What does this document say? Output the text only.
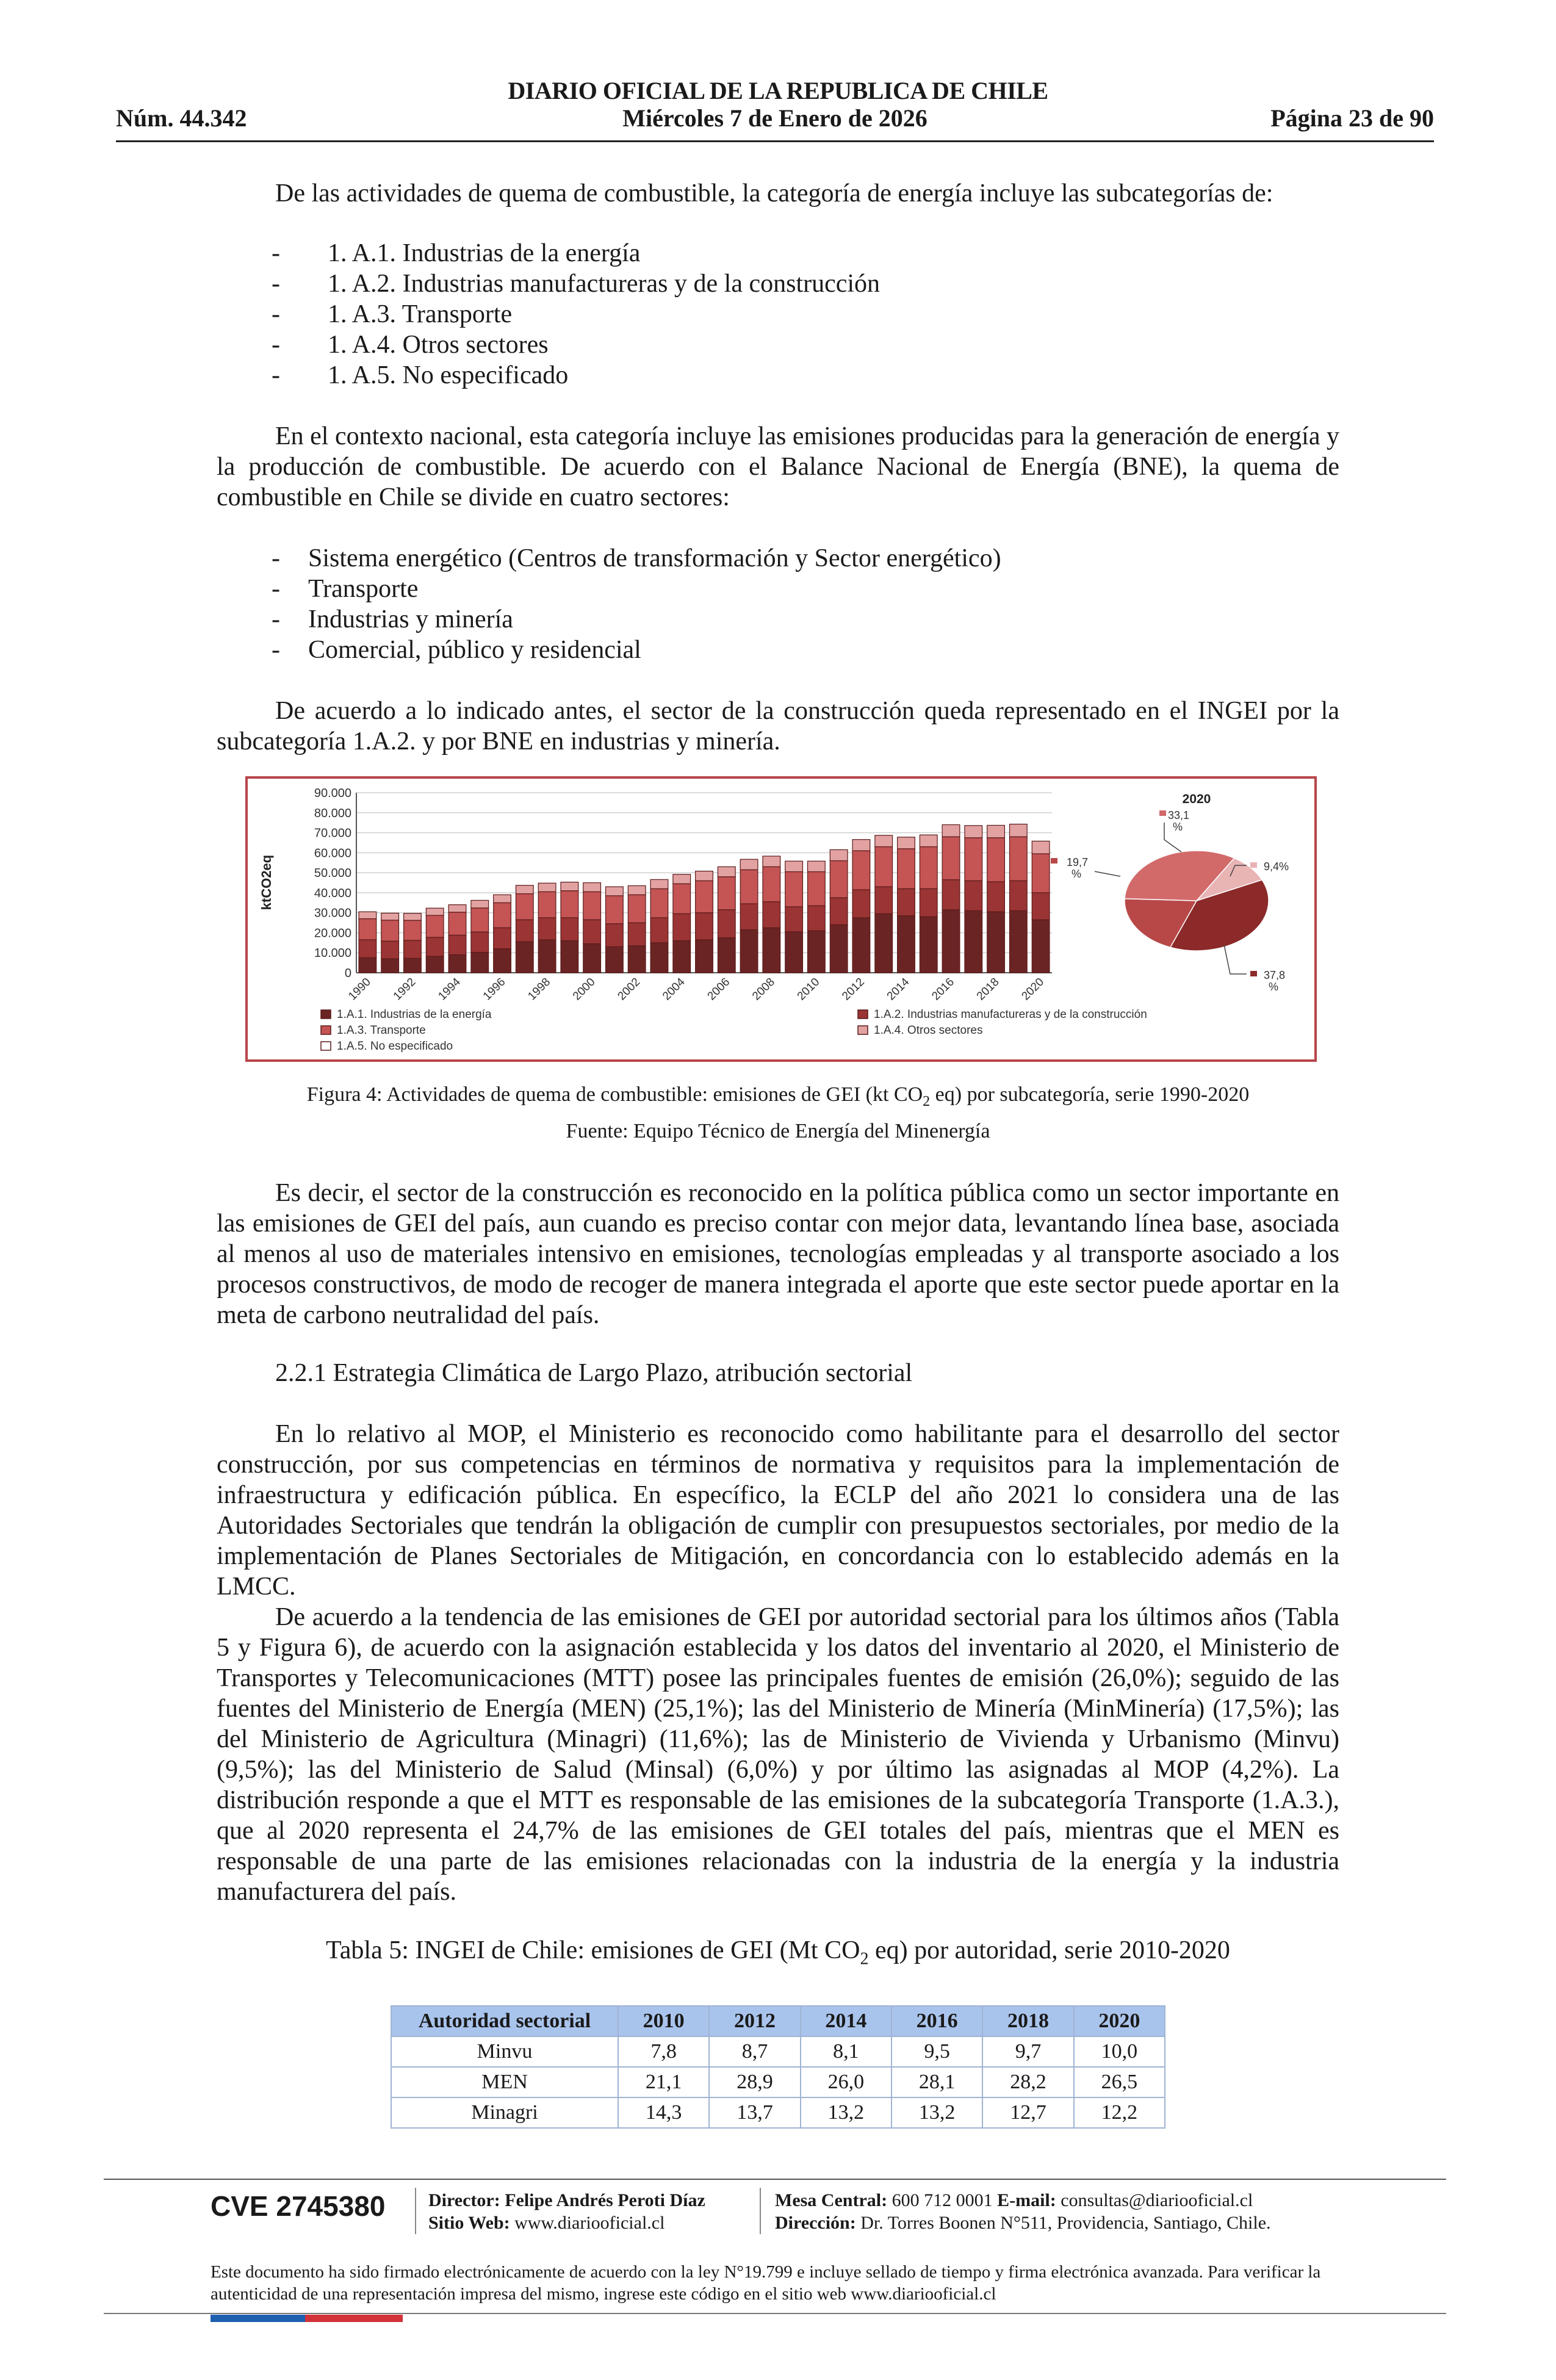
DIARIO OFICIAL DE LA REPUBLICA DE CHILE
Núm. 44.342	Miércoles 7 de Enero de 2026	Página 23 de 90
De las actividades de quema de combustible, la categoría de energía incluye las subcategorías de:
- 1. A.1. Industrias de la energía
- 1. A.2. Industrias manufactureras y de la construcción
- 1. A.3. Transporte
- 1. A.4. Otros sectores
- 1. A.5. No especificado
En el contexto nacional, esta categoría incluye las emisiones producidas para la generación de energía y la producción de combustible. De acuerdo con el Balance Nacional de Energía (BNE), la quema de combustible en Chile se divide en cuatro sectores:
- Sistema energético (Centros de transformación y Sector energético)
- Transporte
- Industrias y minería
- Comercial, público y residencial
De acuerdo a lo indicado antes, el sector de la construcción queda representado en el INGEI por la subcategoría 1.A.2. y por BNE en industrias y minería.
90.000
80.000
70.000
60.000
50.000
40.000
30.000
20.000
10.000
0
ktCO2eq
1990 1992 1994 1996 1998 2000 2002 2004 2006 2008 2010 2012 2014 2016 2018 2020
1.A.1. Industrias de la energía	1.A.2. Industrias manufactureras y de la construcción
1.A.3. Transporte	1.A.4. Otros sectores
1.A.5. No especificado
2020
33,1
%
9,4%
19,7
%
37,8
%
Figura 4: Actividades de quema de combustible: emisiones de GEI (kt $CO_2$ eq) por subcategoría, serie 1990-2020
Fuente: Equipo Técnico de Energía del Minenergía
Es decir, el sector de la construcción es reconocido en la política pública como un sector importante en las emisiones de GEI del país, aun cuando es preciso contar con mejor data, levantando línea base, asociada al menos al uso de materiales intensivo en emisiones, tecnologías empleadas y al transporte asociado a los procesos constructivos, de modo de recoger de manera integrada el aporte que este sector puede aportar en la meta de carbono neutralidad del país.
2.2.1 Estrategia Climática de Largo Plazo, atribución sectorial
En lo relativo al MOP, el Ministerio es reconocido como habilitante para el desarrollo del sector construcción, por sus competencias en términos de normativa y requisitos para la implementación de infraestructura y edificación pública. En específico, la ECLP del año 2021 lo considera una de las Autoridades Sectoriales que tendrán la obligación de cumplir con presupuestos sectoriales, por medio de la implementación de Planes Sectoriales de Mitigación, en concordancia con lo establecido además en la LMCC.
De acuerdo a la tendencia de las emisiones de GEI por autoridad sectorial para los últimos años (Tabla 5 y Figura 6), de acuerdo con la asignación establecida y los datos del inventario al 2020, el Ministerio de Transportes y Telecomunicaciones (MTT) posee las principales fuentes de emisión (26,0%); seguido de las fuentes del Ministerio de Energía (MEN) (25,1%); las del Ministerio de Minería (MinMinería) (17,5%); las del Ministerio de Agricultura (Minagri) (11,6%); las de Ministerio de Vivienda y Urbanismo (Minvu) (9,5%); las del Ministerio de Salud (Minsal) (6,0%) y por último las asignadas al MOP (4,2%). La distribución responde a que el MTT es responsable de las emisiones de la subcategoría Transporte (1.A.3.), que al 2020 representa el 24,7% de las emisiones de GEI totales del país, mientras que el MEN es responsable de una parte de las emisiones relacionadas con la industria de la energía y la industria manufacturera del país.
Tabla 5: INGEI de Chile: emisiones de GEI (Mt $CO_2$ eq) por autoridad, serie 2010-2020
Autoridad sectorial	2010	2012	2014	2016	2018	2020
Minvu	7,8	8,7	8,1	9,5	9,7	10,0
MEN	21,1	28,9	26,0	28,1	28,2	26,5
Minagri	14,3	13,7	13,2	13,2	12,7	12,2
CVE 2745380 Director: Felipe Andrés Peroti Díaz
Sitio Web: www.diariooficial.cl
Mesa Central: 600 712 0001 E-mail: consultas@diariooficial.cl
Dirección: Dr. Torres Boonen N°511, Providencia, Santiago, Chile.
Este documento ha sido firmado electrónicamente de acuerdo con la ley N°19.799 e incluye sellado de tiempo y firma electrónica avanzada. Para verificar la autenticidad de una representación impresa del mismo, ingrese este código en el sitio web www.diariooficial.cl
